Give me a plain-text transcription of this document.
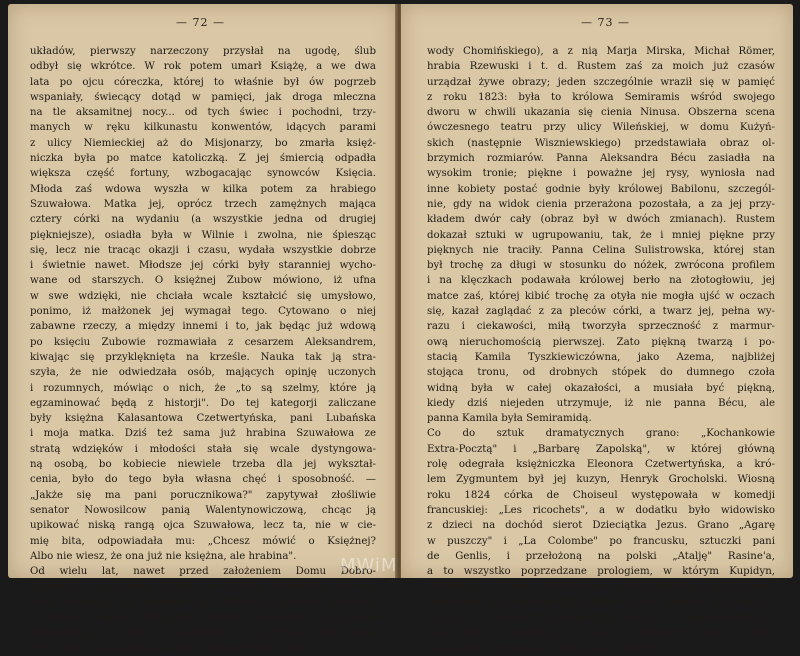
— 72 —
układów, pierwszy narzeczony przysłał na ugodę, ślub
odbył się wkrótce. W rok potem umarł Książę, a we dwa
lata po ojcu córeczka, której to właśnie był ów pogrzeb
wspaniały, świecący dotąd w pamięci, jak droga mleczna
na tle aksamitnej nocy... od tych świec i pochodni, trzy-
manych w ręku kilkunastu konwentów, idących parami
z ulicy Niemieckiej aż do Misjonarzy, bo zmarła księż-
niczka była po matce katoliczką. Z jej śmiercią odpadła
większa część fortuny, wzbogacając synowców Księcia.
Młoda zaś wdowa wyszła w kilka potem za hrabiego
Szuwałowa. Matka jej, oprócz trzech zamężnych mająca
cztery córki na wydaniu (a wszystkie jedna od drugiej
piękniejsze), osiadła była w Wilnie i zwolna, nie śpiesząc
się, lecz nie tracąc okazji i czasu, wydała wszystkie dobrze
i świetnie nawet. Młodsze jej córki były staranniej wycho-
wane od starszych. O księżnej Zubow mówiono, iż ufna
w swe wdzięki, nie chciała wcale kształcić się umysłowo,
ponimo, iż małżonek jej wymagał tego. Cytowano o niej
zabawne rzeczy, a między innemi i to, jak będąc już wdową
po księciu Zubowie rozmawiała z cesarzem Aleksandrem,
kiwając się przyklęknięta na krześle. Nauka tak ją stra-
szyła, że nie odwiedzała osób, mających opinję uczonych
i rozumnych, mówiąc o nich, że „to są szelmy, które ją
egzaminować będą z historji". Do tej kategorji zaliczane
były księżna Kalasantowa Czetwertyńska, pani Lubańska
i moja matka. Dziś też sama już hrabina Szuwałowa ze
stratą wdzięków i młodości stała się wcale dystyngowa-
ną osobą, bo kobiecie niewiele trzeba dla jej wykształ-
cenia, było do tego była własna chęć i sposobność. —
„Jakże się ma pani porucznikowa?" zapytywał złośliwie
senator Nowosilcow panią Walentynowiczową, chcąc ją
upikować niską rangą ojca Szuwałowa, lecz ta, nie w cie-
mię bita, odpowiadała mu: „Chcesz mówić o Księżnej?
Albo nie wiesz, że ona już nie księżna, ale hrabina".
Od wielu lat, nawet przed założeniem Domu Dobro-
czynności, co wiosny bywały w teatrze widowiska na do-
chód ubogich. Za bytności pp. Franków dawano koncerty,
a nawet i opery. Pan Jan Chodźko, prezydent, dyrygował
dramatami, a nawet i tragedjami, i pierwsza żona pana
de Choiseul występowała w roli Fedry (przekład woje-
— 73 —
wody Chomińskiego), a z nią Marja Mirska, Michał Römer,
hrabia Rzewuski i t. d. Rustem zaś za moich już czasów
urządzał żywe obrazy; jeden szczególnie wraził się w pamięć
z roku 1823: była to królowa Semiramis wśród swojego
dworu w chwili ukazania się cienia Ninusa. Obszerna scena
ówczesnego teatru przy ulicy Wileńskiej, w domu Kużyń-
skich (następnie Wiszniewskiego) przedstawiała obraz ol-
brzymich rozmiarów. Panna Aleksandra Bécu zasiadła na
wysokim tronie; piękne i poważne jej rysy, wyniosła nad
inne kobiety postać godnie były królowej Babilonu, szczegól-
nie, gdy na widok cienia przerażona pozostała, a za jej przy-
kładem dwór cały (obraz był w dwóch zmianach). Rustem
dokazał sztuki w ugrupowaniu, tak, że i mniej piękne przy
pięknych nie traciły. Panna Celina Sulistrowska, której stan
był trochę za długi w stosunku do nóżek, zwrócona profilem
i na klęczkach podawała królowej berło na złotogłowiu, jej
matce zaś, której kibić trochę za otyła nie mogła ujść w oczach
się, kazał zaglądać z za pleców córki, a twarz jej, pełna wy-
razu i ciekawości, miłą tworzyła sprzeczność z marmur-
ową nieruchomością pierwszej. Zato piękną twarzą i po-
stacią Kamila Tyszkiewiczówna, jako Azema, najbliżej
stojąca tronu, od drobnych stópek do dumnego czoła
widną była w całej okazałości, a musiała być piękną,
kiedy dziś niejeden utrzymuje, iż nie panna Bécu, ale
panna Kamila była Semiramidą.
Co do sztuk dramatycznych grano: „Kochankowie
Extra-Pocztą" i „Barbarę Zapolską", w której główną
rolę odegrała księżniczka Eleonora Czetwertyńska, a kró-
lem Zygmuntem był jej kuzyn, Henryk Grocholski. Wiosną
roku 1824 córka de Choiseul występowała w komedji
francuskiej: „Les ricochets", a w dodatku było widowisko
z dzieci na dochód sierot Dzieciątka Jezus. Grano „Agarę
w puszczy" i „La Colombe" po francusku, sztuczki pani
de Genlis, i przełożoną na polski „Atalję" Rasine'a,
a to wszystko poprzedzane prologiem, w którym Kupidyn,
Merkury i Flora zwiastowali chrześcijańskiej publiczności
widowisko pod hasłem Dzieciątka Jezus: pomysł tem dziwn-
niejszy, iż autorem prologu był jeden z najpobożniejszych
ludzi, Józef Łopaciński, ale on, wychowaniec dawnej szkoły
klasycznej, nie pojmował poezji bez mitologji.
MWiM
